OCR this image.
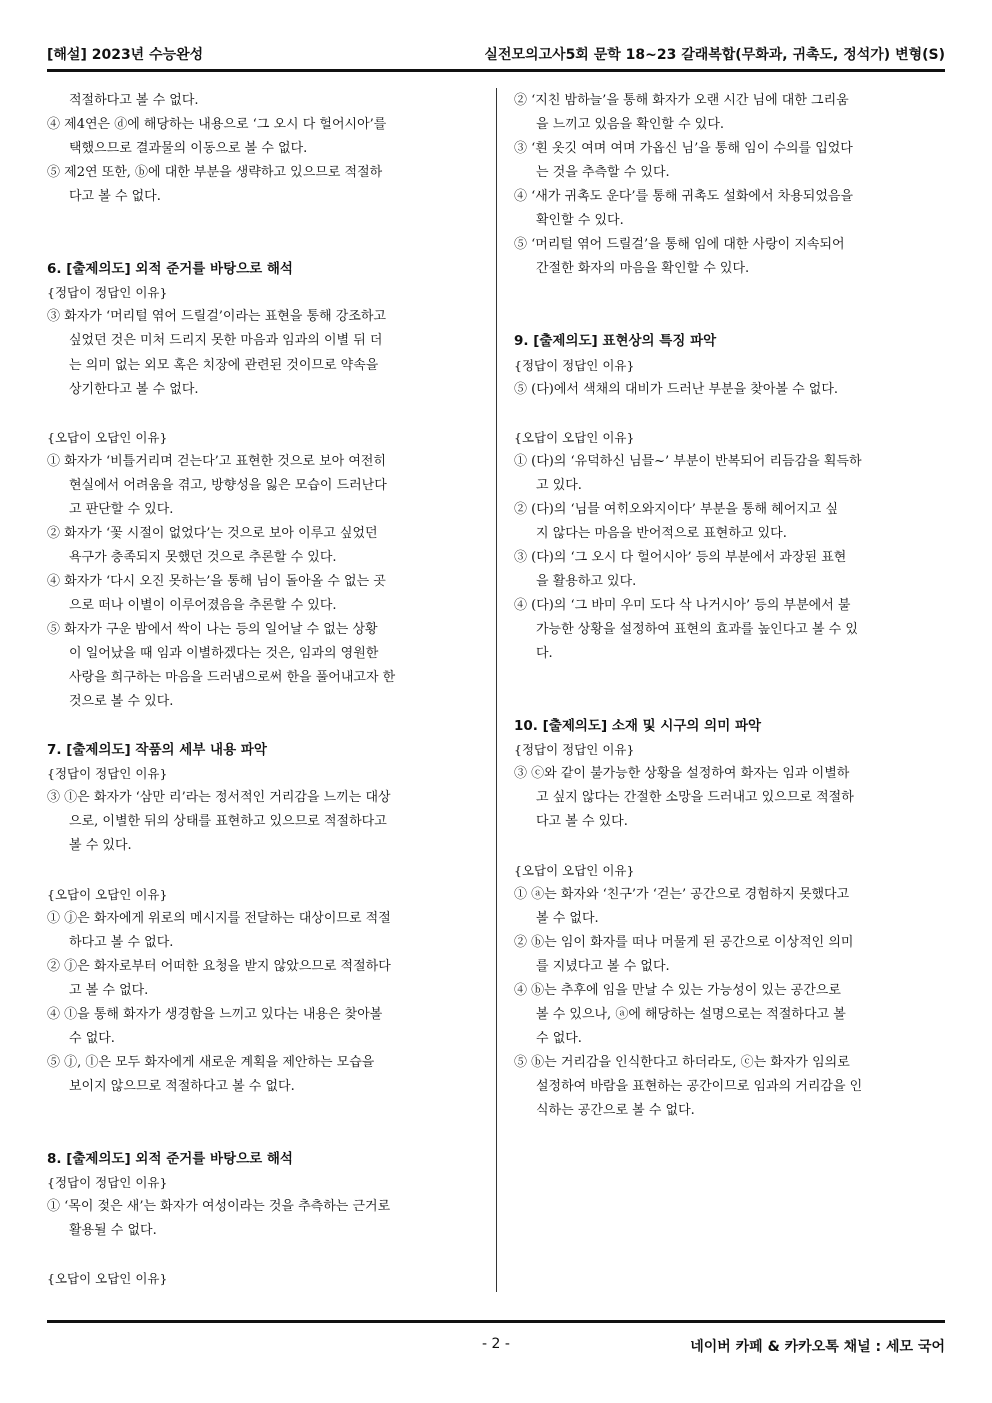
[해설] 2023년 수능완성	실전모의고사5회 문학 18~23 갈래복합(무화과, 귀촉도, 정석가) 변형(S)
적절하다고 볼 수 없다.
④ 제4연은 ⓓ에 해당하는 내용으로 ‘그 오시 다 헐어시아’를
택했으므로 결과물의 이동으로 볼 수 없다.
⑤ 제2연 또한, ⓑ에 대한 부분을 생략하고 있으므로 적절하
다고 볼 수 없다.
6. [출제의도] 외적 준거를 바탕으로 해석
{정답이 정답인 이유}
③ 화자가 ‘머리털 엮어 드릴걸’이라는 표현을 통해 강조하고
싶었던 것은 미처 드리지 못한 마음과 임과의 이별 뒤 더
는 의미 없는 외모 혹은 치장에 관련된 것이므로 약속을
상기한다고 볼 수 없다.
{오답이 오답인 이유}
① 화자가 ‘비틀거리며 걷는다’고 표현한 것으로 보아 여전히
현실에서 어려움을 겪고, 방향성을 잃은 모습이 드러난다
고 판단할 수 있다.
② 화자가 ‘꽃 시절이 없었다’는 것으로 보아 이루고 싶었던
욕구가 충족되지 못했던 것으로 추론할 수 있다.
④ 화자가 ‘다시 오진 못하는’을 통해 님이 돌아올 수 없는 곳
으로 떠나 이별이 이루어졌음을 추론할 수 있다.
⑤ 화자가 구운 밤에서 싹이 나는 등의 일어날 수 없는 상황
이 일어났을 때 임과 이별하겠다는 것은, 임과의 영원한
사랑을 희구하는 마음을 드러냄으로써 한을 풀어내고자 한
것으로 볼 수 있다.
7. [출제의도] 작품의 세부 내용 파악
{정답이 정답인 이유}
③ ⓛ은 화자가 ‘삼만 리’라는 정서적인 거리감을 느끼는 대상
으로, 이별한 뒤의 상태를 표현하고 있으므로 적절하다고
볼 수 있다.
{오답이 오답인 이유}
① ⓙ은 화자에게 위로의 메시지를 전달하는 대상이므로 적절
하다고 볼 수 없다.
② ⓙ은 화자로부터 어떠한 요청을 받지 않았으므로 적절하다
고 볼 수 없다.
④ ⓛ을 통해 화자가 생경함을 느끼고 있다는 내용은 찾아볼
수 없다.
⑤ ⓙ, ⓛ은 모두 화자에게 새로운 계획을 제안하는 모습을
보이지 않으므로 적절하다고 볼 수 없다.
8. [출제의도] 외적 준거를 바탕으로 해석
{정답이 정답인 이유}
① ‘목이 젖은 새’는 화자가 여성이라는 것을 추측하는 근거로
활용될 수 없다.
{오답이 오답인 이유}
② ‘지친 밤하늘’을 통해 화자가 오랜 시간 님에 대한 그리움
을 느끼고 있음을 확인할 수 있다.
③ ‘흰 옷깃 여며 여며 가옵신 님’을 통해 임이 수의를 입었다
는 것을 추측할 수 있다.
④ ‘새가 귀촉도 운다’를 통해 귀촉도 설화에서 차용되었음을
확인할 수 있다.
⑤ ‘머리털 엮어 드릴걸’을 통해 임에 대한 사랑이 지속되어
간절한 화자의 마음을 확인할 수 있다.
9. [출제의도] 표현상의 특징 파악
{정답이 정답인 이유}
⑤ (다)에서 색채의 대비가 드러난 부분을 찾아볼 수 없다.
{오답이 오답인 이유}
① (다)의 ‘유덕하신 님믈~’ 부분이 반복되어 리듬감을 획득하
고 있다.
② (다)의 ‘님믈 여ᄒᆡ오와지이다’ 부분을 통해 헤어지고 싶
지 않다는 마음을 반어적으로 표현하고 있다.
③ (다)의 ‘그 오시 다 헐어시아’ 등의 부분에서 과장된 표현
을 활용하고 있다.
④ (다)의 ‘그 바미 우미 도다 삭 나거시아’ 등의 부분에서 불
가능한 상황을 설정하여 표현의 효과를 높인다고 볼 수 있
다.
10. [출제의도] 소재 및 시구의 의미 파악
{정답이 정답인 이유}
③ ⓒ와 같이 불가능한 상황을 설정하여 화자는 임과 이별하
고 싶지 않다는 간절한 소망을 드러내고 있으므로 적절하
다고 볼 수 있다.
{오답이 오답인 이유}
① ⓐ는 화자와 ‘친구’가 ‘걷는’ 공간으로 경험하지 못했다고
볼 수 없다.
② ⓑ는 임이 화자를 떠나 머물게 된 공간으로 이상적인 의미
를 지녔다고 볼 수 없다.
④ ⓑ는 추후에 임을 만날 수 있는 가능성이 있는 공간으로
볼 수 있으나, ⓐ에 해당하는 설명으로는 적절하다고 볼
수 없다.
⑤ ⓑ는 거리감을 인식한다고 하더라도, ⓒ는 화자가 임의로
설정하여 바람을 표현하는 공간이므로 임과의 거리감을 인
식하는 공간으로 볼 수 없다.
- 2 -	네이버 카페 & 카카오톡 채널 : 세모 국어
